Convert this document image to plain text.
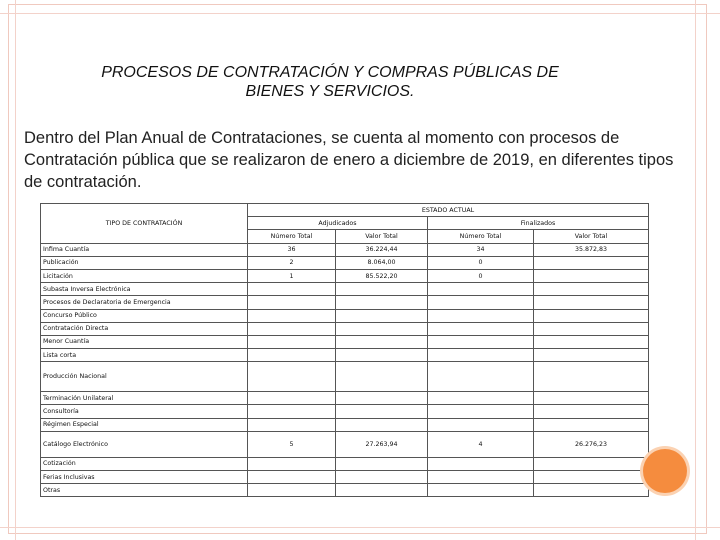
PROCESOS DE CONTRATACIÓN Y COMPRAS PÚBLICAS DE
BIENES Y SERVICIOS.
Dentro del Plan Anual de Contrataciones, se cuenta al momento con procesos de Contratación pública que se realizaron de enero a diciembre de 2019, en diferentes tipos de contratación.
TIPO DE CONTRATACIÓN	ESTADO ACTUAL			
	Adjudicados		Finalizados	
	Número Total	Valor Total	Número Total	Valor Total
Infima Cuantía	36	36.224,44	34	35.872,83
Publicación	2	8.064,00	0	
Licitación	1	85.522,20	0	
Subasta Inversa Electrónica				
Procesos de Declaratoria de Emergencia				
Concurso Público				
Contratación Directa				
Menor Cuantía				
Lista corta				
Producción Nacional				
Terminación Unilateral				
Consultoría				
Régimen Especial				
Catálogo Electrónico	5	27.263,94	4	26.276,23
Cotización				
Ferias Inclusivas				
Otras				
